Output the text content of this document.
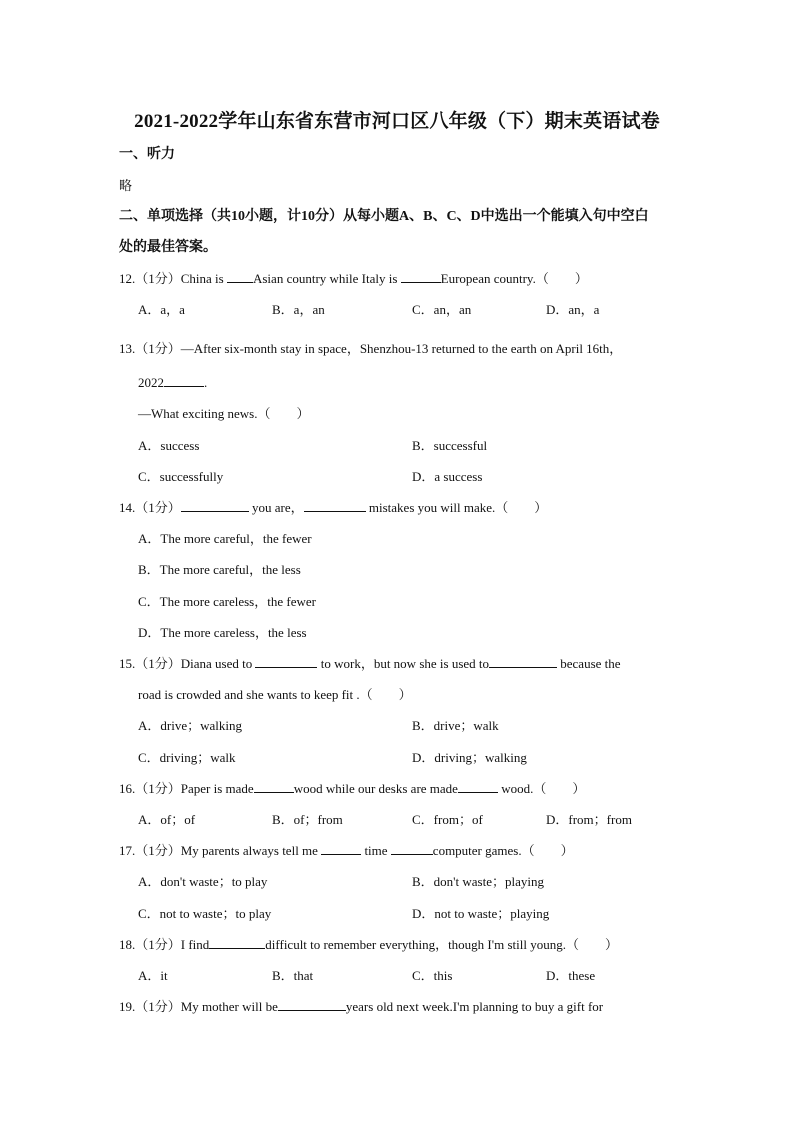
2021-2022学年山东省东营市河口区八年级（下）期末英语试卷
一、听力
略
二、单项选择（共10小题，计10分）从每小题A、B、C、D中选出一个能填入句中空白
处的最佳答案。
12.（1分）China is Asian country while Italy is	European country.（　　）
A．a，a	B．a，an	C．an，an	D．an，a
13.（1分）—After six-month stay in space，Shenzhou-13 returned to the earth on April 16th，
2022	.
—What exciting news.（　　）
A．success	B．successful
C．successfully	D．a success
14.（1分）	you are，	mistakes you will make.（　　）
A．The more careful，the fewer
B．The more careful，the less
C．The more careless，the fewer
D．The more careless，the less
15.（1分）Diana used to	to work，but now she is used to	because the
road is crowded and she wants to keep fit .（　　）
A．drive；walking	B．drive；walk
C．driving；walk	D．driving；walking
16.（1分）Paper is made	wood while our desks are made	wood.（　　）
A．of；of	B．of；from	C．from；of	D．from；from
17.（1分）My parents always tell me	time	computer games.（　　）
A．don't waste；to play	B．don't waste；playing
C．not to waste；to play	D．not to waste；playing
18.（1分）I find	difficult to remember everything，though I'm still young.（　　）
A．it	B．that	C．this	D．these
19.（1分）My mother will be	years old next week.I'm planning to buy a gift for
